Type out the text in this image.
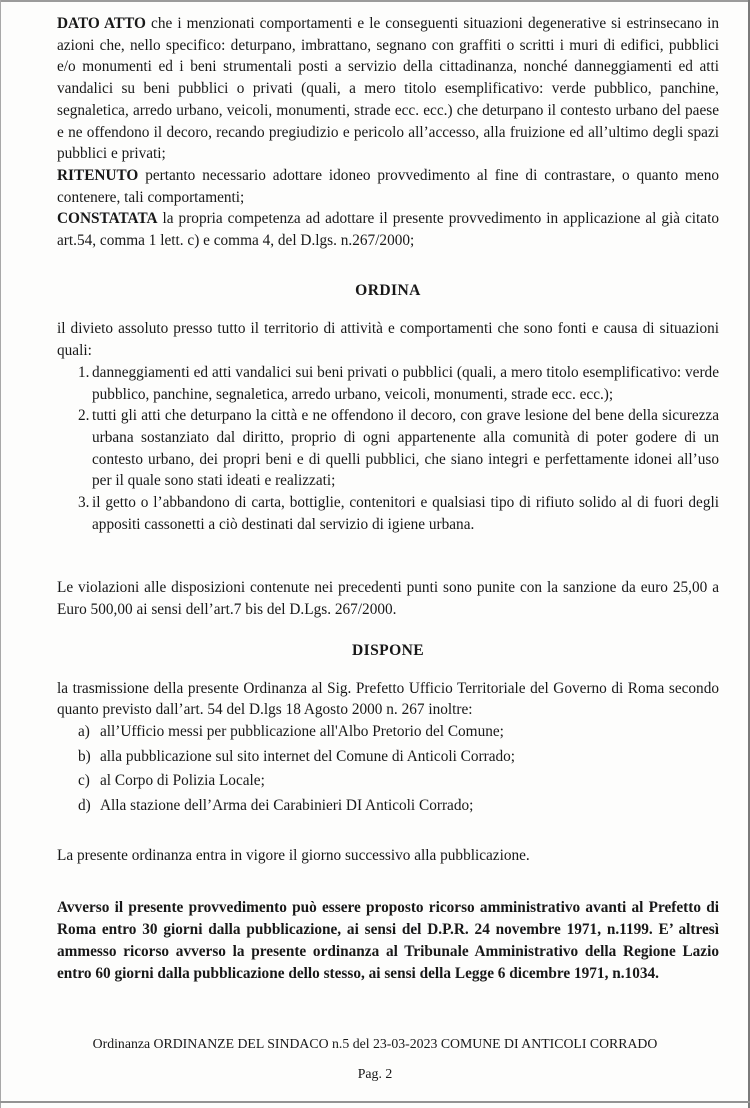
DATO ATTO che i menzionati comportamenti e le conseguenti situazioni degenerative si estrinsecano in azioni che, nello specifico: deturpano, imbrattano, segnano con graffiti o scritti i muri di edifici, pubblici e/o monumenti ed i beni strumentali posti a servizio della cittadinanza, nonché danneggiamenti ed atti vandalici su beni pubblici o privati (quali, a mero titolo esemplificativo: verde pubblico, panchine, segnaletica, arredo urbano, veicoli, monumenti, strade ecc. ecc.) che deturpano il contesto urbano del paese e ne offendono il decoro, recando pregiudizio e pericolo all’accesso, alla fruizione ed all’ultimo degli spazi pubblici e privati;

RITENUTO pertanto necessario adottare idoneo provvedimento al fine di contrastare, o quanto meno contenere, tali comportamenti;

CONSTATATA la propria competenza ad adottare il presente provvedimento in applicazione al già citato art.54, comma 1 lett. c) e comma 4, del D.lgs. n.267/2000;

ORDINA

il divieto assoluto presso tutto il territorio di attività e comportamenti che sono fonti e causa di situazioni quali:

1. danneggiamenti ed atti vandalici sui beni privati o pubblici (quali, a mero titolo esemplificativo: verde pubblico, panchine, segnaletica, arredo urbano, veicoli, monumenti, strade ecc. ecc.);
2. tutti gli atti che deturpano la città e ne offendono il decoro, con grave lesione del bene della sicurezza urbana sostanziato dal diritto, proprio di ogni appartenente alla comunità di poter godere di un contesto urbano, dei propri beni e di quelli pubblici, che siano integri e perfettamente idonei all’uso per il quale sono stati ideati e realizzati;
3. il getto o l’abbandono di carta, bottiglie, contenitori e qualsiasi tipo di rifiuto solido al di fuori degli appositi cassonetti a ciò destinati dal servizio di igiene urbana.

Le violazioni alle disposizioni contenute nei precedenti punti sono punite con la sanzione da euro 25,00 a Euro 500,00 ai sensi dell’art.7 bis del D.Lgs. 267/2000.

DISPONE

la trasmissione della presente Ordinanza al Sig. Prefetto Ufficio Territoriale del Governo di Roma secondo quanto previsto dall’art. 54 del D.lgs 18 Agosto 2000 n. 267 inoltre:

a) all’Ufficio messi per pubblicazione all'Albo Pretorio del Comune;
b) alla pubblicazione sul sito internet del Comune di Anticoli Corrado;
c) al Corpo di Polizia Locale;
d) Alla stazione dell’Arma dei Carabinieri DI Anticoli Corrado;

La presente ordinanza entra in vigore il giorno successivo alla pubblicazione.

Avverso il presente provvedimento può essere proposto ricorso amministrativo avanti al Prefetto di Roma entro 30 giorni dalla pubblicazione, ai sensi del D.P.R. 24 novembre 1971, n.1199. E’ altresì ammesso ricorso avverso la presente ordinanza al Tribunale Amministrativo della Regione Lazio entro 60 giorni dalla pubblicazione dello stesso, ai sensi della Legge 6 dicembre 1971, n.1034.

Ordinanza ORDINANZE DEL SINDACO n.5 del 23-03-2023 COMUNE DI ANTICOLI CORRADO
Pag. 2
